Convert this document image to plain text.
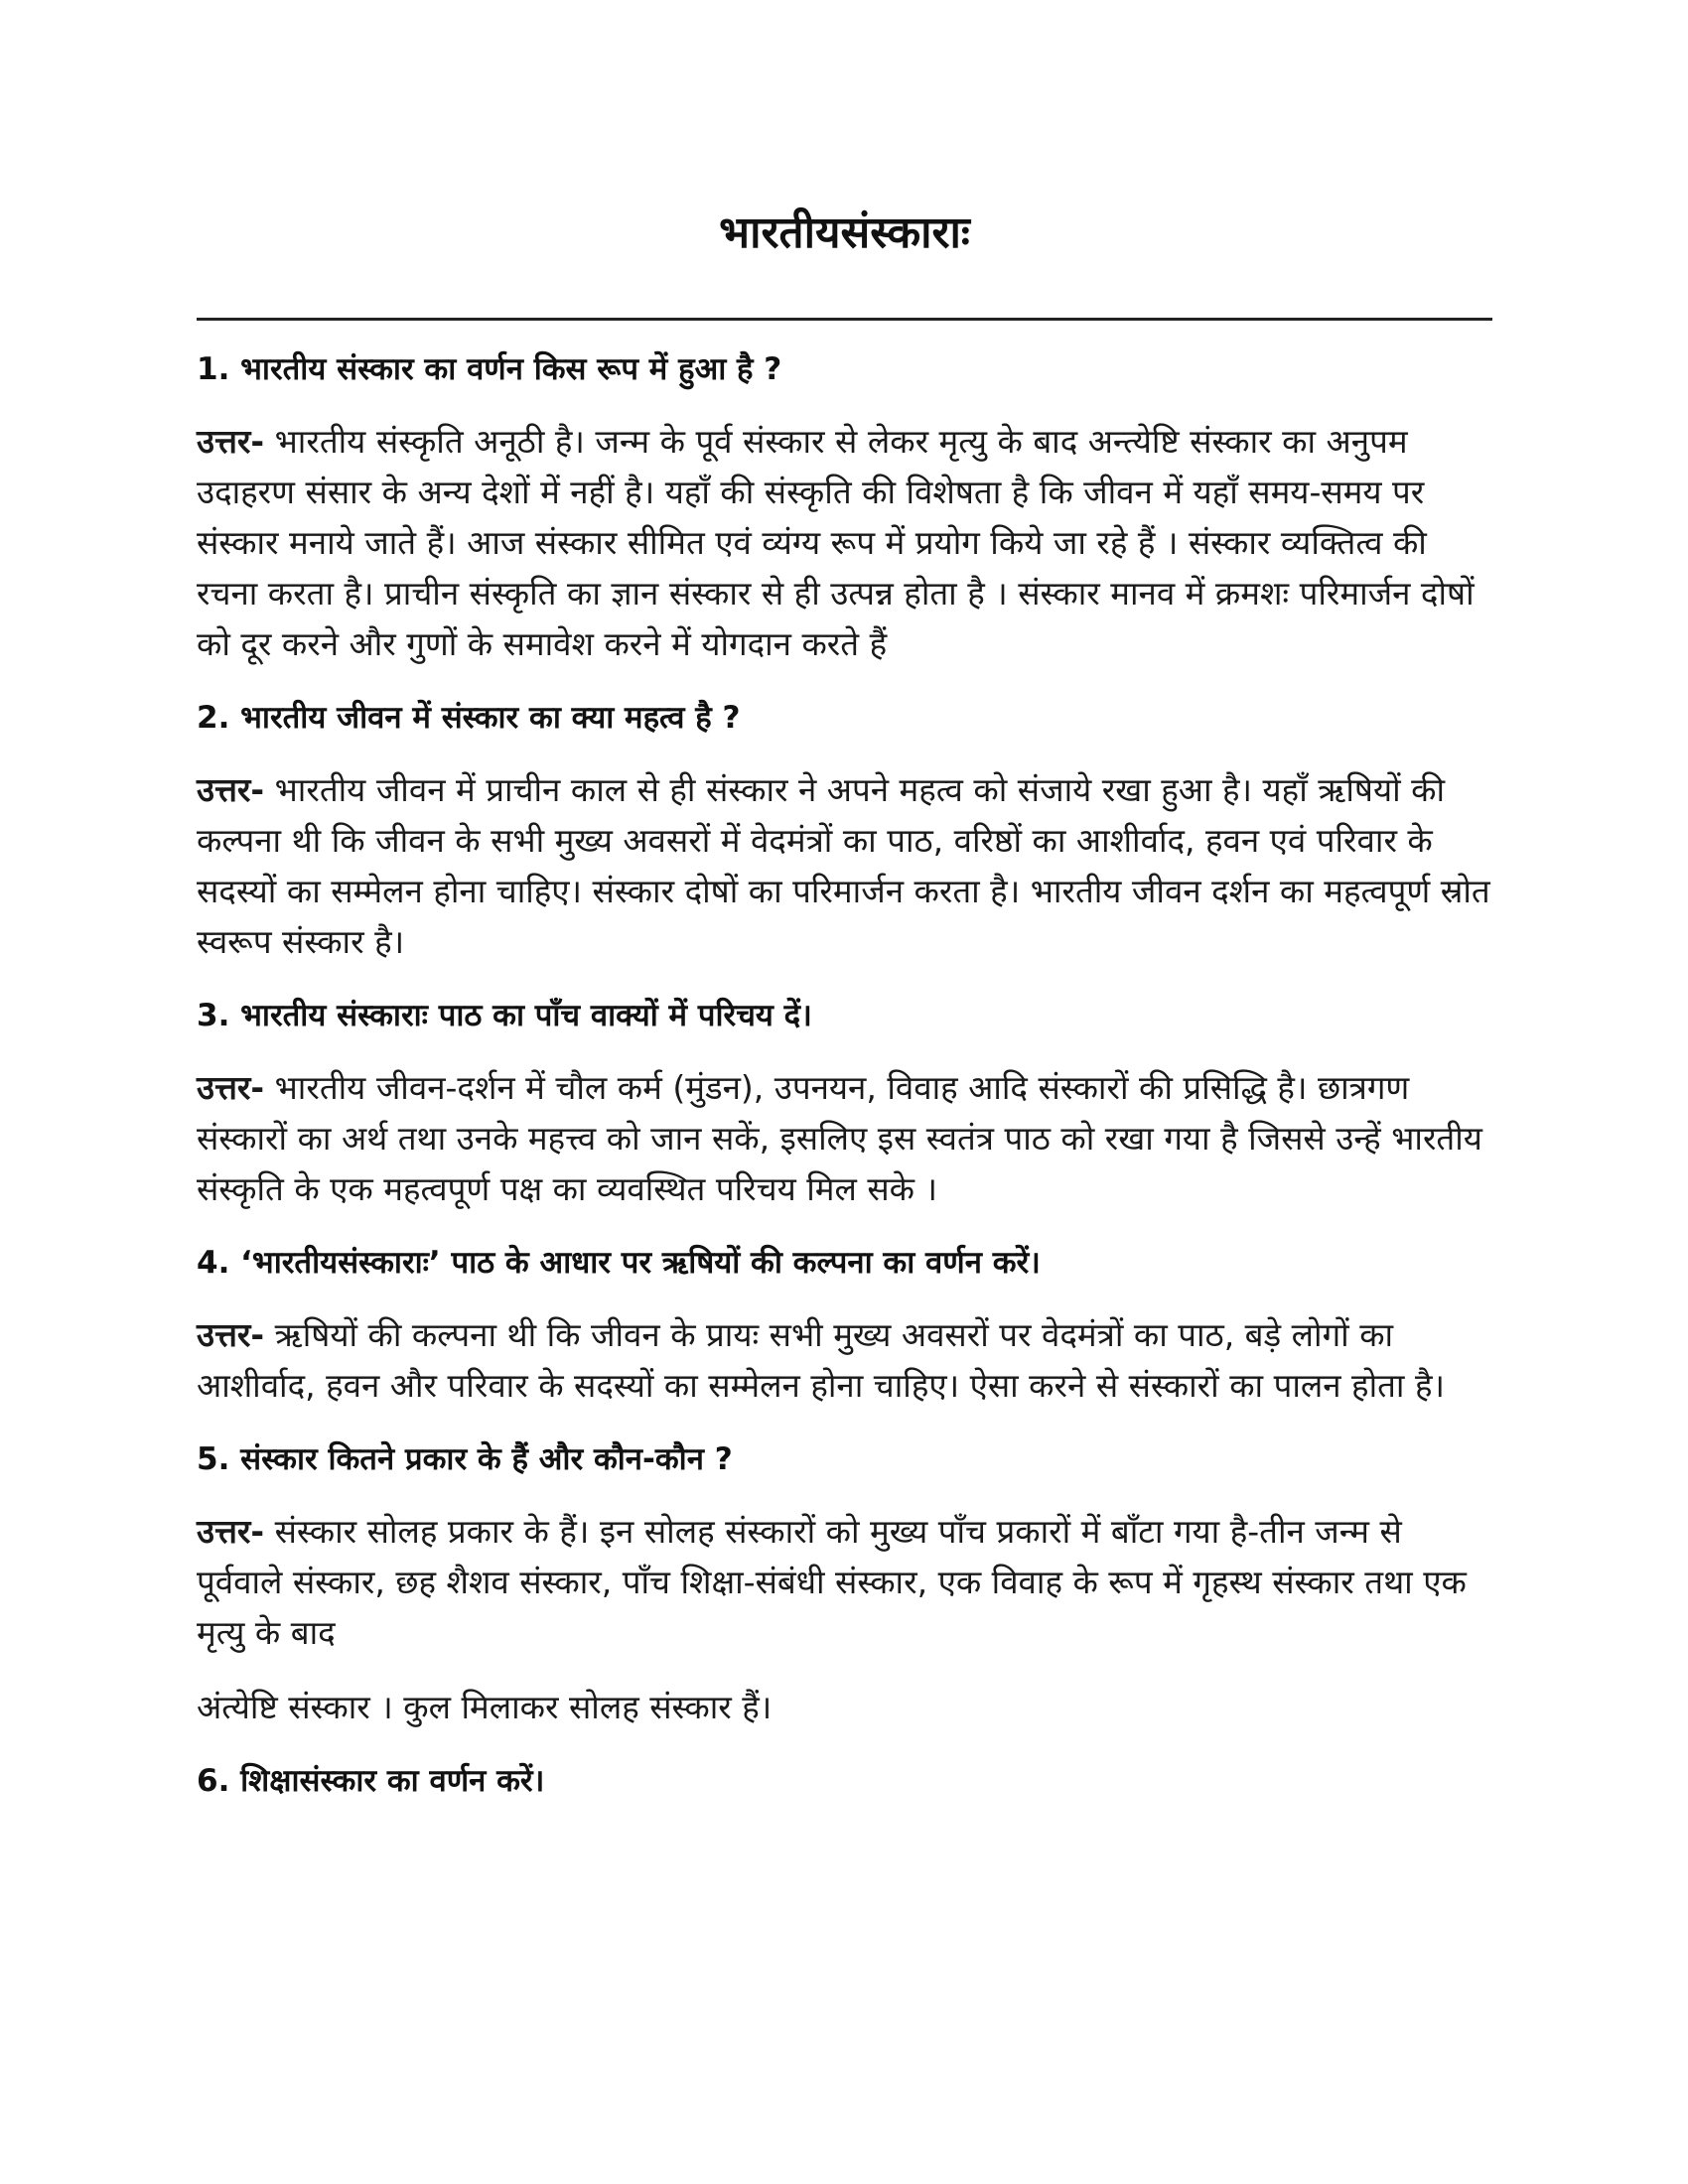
भारतीयसंस्काराः

1. भारतीय संस्कार का वर्णन किस रूप में हुआ है ?

उत्तर- भारतीय संस्कृति अनूठी है। जन्म के पूर्व संस्कार से लेकर मृत्यु के बाद अन्त्येष्टि संस्कार का अनुपम उदाहरण संसार के अन्य देशों में नहीं है। यहाँ की संस्कृति की विशेषता है कि जीवन में यहाँ समय-समय पर संस्कार मनाये जाते हैं। आज संस्कार सीमित एवं व्यंग्य रूप में प्रयोग किये जा रहे हैं । संस्कार व्यक्तित्व की रचना करता है। प्राचीन संस्कृति का ज्ञान संस्कार से ही उत्पन्न होता है । संस्कार मानव में क्रमशः परिमार्जन दोषों को दूर करने और गुणों के समावेश करने में योगदान करते हैं

2. भारतीय जीवन में संस्कार का क्या महत्व है ?

उत्तर- भारतीय जीवन में प्राचीन काल से ही संस्कार ने अपने महत्व को संजाये रखा हुआ है। यहाँ ऋषियों की कल्पना थी कि जीवन के सभी मुख्य अवसरों में वेदमंत्रों का पाठ, वरिष्ठों का आशीर्वाद, हवन एवं परिवार के सदस्यों का सम्मेलन होना चाहिए। संस्कार दोषों का परिमार्जन करता है। भारतीय जीवन दर्शन का महत्वपूर्ण स्रोत स्वरूप संस्कार है।

3. भारतीय संस्काराः पाठ का पाँच वाक्यों में परिचय दें।

उत्तर- भारतीय जीवन-दर्शन में चौल कर्म (मुंडन), उपनयन, विवाह आदि संस्कारों की प्रसिद्धि है। छात्रगण संस्कारों का अर्थ तथा उनके महत्त्व को जान सकें, इसलिए इस स्वतंत्र पाठ को रखा गया है जिससे उन्हें भारतीय संस्कृति के एक महत्वपूर्ण पक्ष का व्यवस्थित परिचय मिल सके ।

4. ‘भारतीयसंस्काराः’ पाठ के आधार पर ऋषियों की कल्पना का वर्णन करें।

उत्तर- ऋषियों की कल्पना थी कि जीवन के प्रायः सभी मुख्य अवसरों पर वेदमंत्रों का पाठ, बड़े लोगों का आशीर्वाद, हवन और परिवार के सदस्यों का सम्मेलन होना चाहिए। ऐसा करने से संस्कारों का पालन होता है।

5. संस्कार कितने प्रकार के हैं और कौन-कौन ?

उत्तर- संस्कार सोलह प्रकार के हैं। इन सोलह संस्कारों को मुख्य पाँच प्रकारों में बाँटा गया है-तीन जन्म से पूर्ववाले संस्कार, छह शैशव संस्कार, पाँच शिक्षा-संबंधी संस्कार, एक विवाह के रूप में गृहस्थ संस्कार तथा एक मृत्यु के बाद

अंत्येष्टि संस्कार । कुल मिलाकर सोलह संस्कार हैं।

6. शिक्षासंस्कार का वर्णन करें।
